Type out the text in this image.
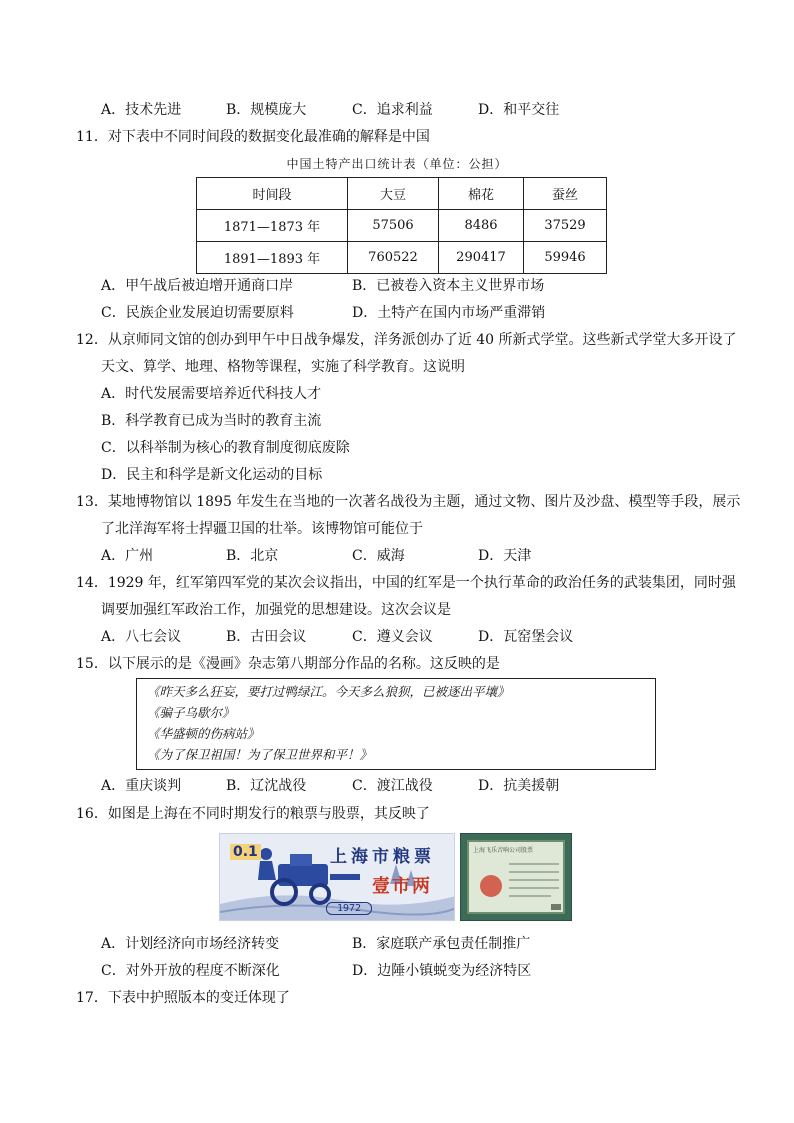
A．技术先进	B．规模庞大	C．追求利益	D．和平交往
11．对下表中不同时间段的数据变化最准确的解释是中国
中国土特产出口统计表（单位：公担）
时间段	大豆	棉花	蚕丝
1871—1873 年	57506	8486	37529
1891—1893 年	760522	290417	59946
A．甲午战后被迫增开通商口岸	B．已被卷入资本主义世界市场
C．民族企业发展迫切需要原料	D．土特产在国内市场严重滞销
12．从京师同文馆的创办到甲午中日战争爆发，洋务派创办了近 40 所新式学堂。这些新式学堂大多开设了
天文、算学、地理、格物等课程，实施了科学教育。这说明
A．时代发展需要培养近代科技人才
B．科学教育已成为当时的教育主流
C．以科举制为核心的教育制度彻底废除
D．民主和科学是新文化运动的目标
13．某地博物馆以 1895 年发生在当地的一次著名战役为主题，通过文物、图片及沙盘、模型等手段，展示
了北洋海军将士捍疆卫国的壮举。该博物馆可能位于
A．广州	B．北京	C．威海	D．天津
14．1929 年，红军第四军党的某次会议指出，中国的红军是一个执行革命的政治任务的武装集团，同时强
调要加强红军政治工作，加强党的思想建设。这次会议是
A．八七会议	B．古田会议	C．遵义会议	D．瓦窑堡会议
15．以下展示的是《漫画》杂志第八期部分作品的名称。这反映的是
《昨天多么狂妄，要打过鸭绿江。今天多么狼狈，已被逐出平壤》
《骗子乌歇尔》
《华盛顿的伤病站》
《为了保卫祖国！为了保卫世界和平！》
A．重庆谈判	B．辽沈战役	C．渡江战役	D．抗美援朝
16．如图是上海在不同时期发行的粮票与股票，其反映了
0.1	上海市粮票
壹市两
1972
上海飞乐音响公司股票
A．计划经济向市场经济转变	B．家庭联产承包责任制推广
C．对外开放的程度不断深化	D．边陲小镇蜕变为经济特区
17．下表中护照版本的变迁体现了
